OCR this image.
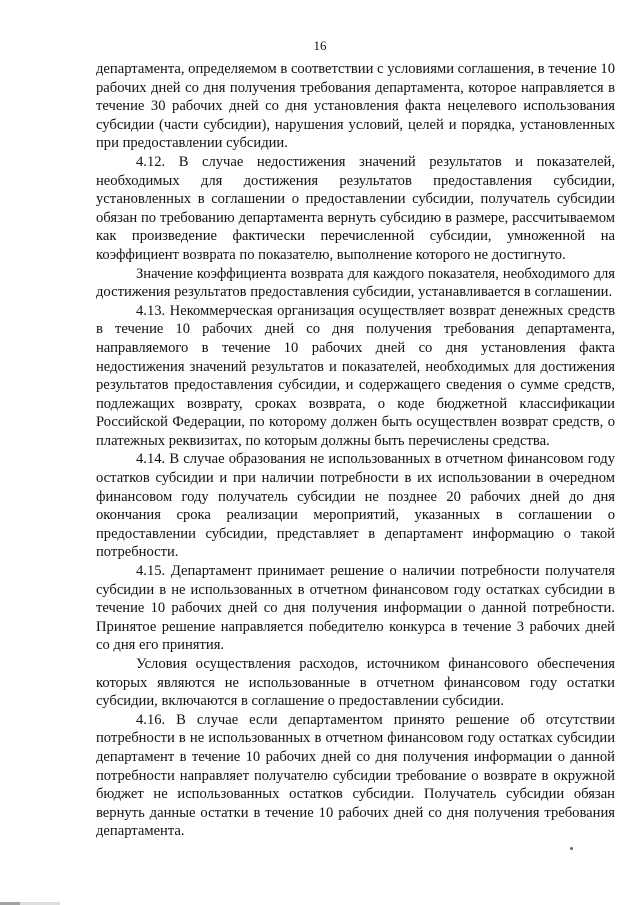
16

департамента, определяемом в соответствии с условиями соглашения, в течение 10 рабочих дней со дня получения требования департамента, которое направляется в течение 30 рабочих дней со дня установления факта нецелевого использования субсидии (части субсидии), нарушения условий, целей и порядка, установленных при предоставлении субсидии.

4.12. В случае недостижения значений результатов и показателей, необходимых для достижения результатов предоставления субсидии, установленных в соглашении о предоставлении субсидии, получатель субсидии обязан по требованию департамента вернуть субсидию в размере, рассчитываемом как произведение фактически перечисленной субсидии, умноженной на коэффициент возврата по показателю, выполнение которого не достигнуто.

Значение коэффициента возврата для каждого показателя, необходимого для достижения результатов предоставления субсидии, устанавливается в соглашении.

4.13. Некоммерческая организация осуществляет возврат денежных средств в течение 10 рабочих дней со дня получения требования департамента, направляемого в течение 10 рабочих дней со дня установления факта недостижения значений результатов и показателей, необходимых для достижения результатов предоставления субсидии, и содержащего сведения о сумме средств, подлежащих возврату, сроках возврата, о коде бюджетной классификации Российской Федерации, по которому должен быть осуществлен возврат средств, о платежных реквизитах, по которым должны быть перечислены средства.

4.14. В случае образования не использованных в отчетном финансовом году остатков субсидии и при наличии потребности в их использовании в очередном финансовом году получатель субсидии не позднее 20 рабочих дней до дня окончания срока реализации мероприятий, указанных в соглашении о предоставлении субсидии, представляет в департамент информацию о такой потребности.

4.15. Департамент принимает решение о наличии потребности получателя субсидии в не использованных в отчетном финансовом году остатках субсидии в течение 10 рабочих дней со дня получения информации о данной потребности. Принятое решение направляется победителю конкурса в течение 3 рабочих дней со дня его принятия.

Условия осуществления расходов, источником финансового обеспечения которых являются не использованные в отчетном финансовом году остатки субсидии, включаются в соглашение о предоставлении субсидии.

4.16. В случае если департаментом принято решение об отсутствии потребности в не использованных в отчетном финансовом году остатках субсидии департамент в течение 10 рабочих дней со дня получения информации о данной потребности направляет получателю субсидии требование о возврате в окружной бюджет не использованных остатков субсидии. Получатель субсидии обязан вернуть данные остатки в течение 10 рабочих дней со дня получения требования департамента.
